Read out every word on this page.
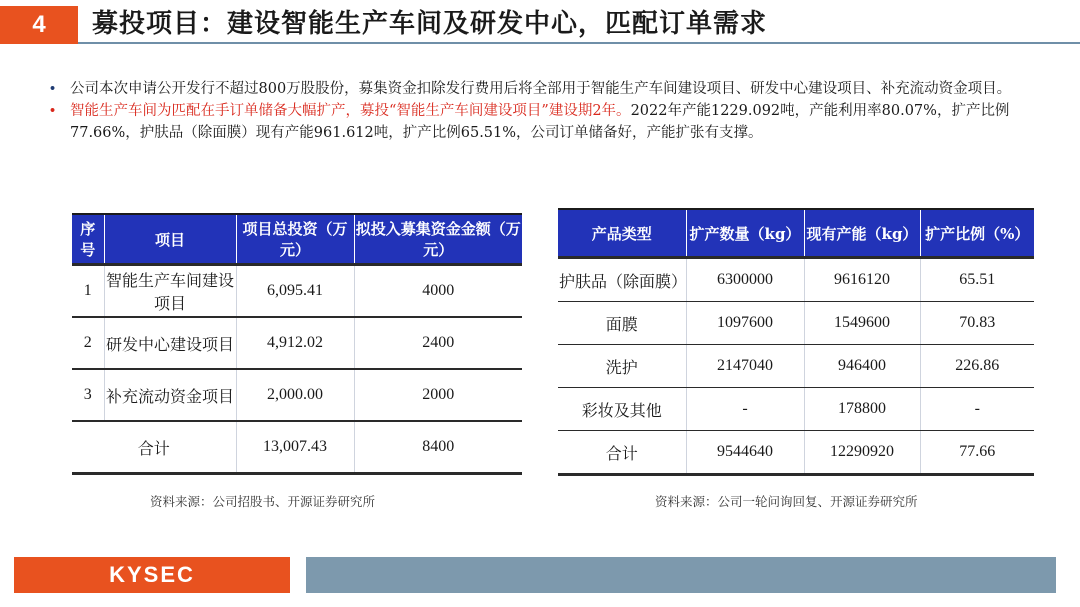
4 募投项目：建设智能生产车间及研发中心，匹配订单需求
• 公司本次申请公开发行不超过800万股股份，募集资金扣除发行费用后将全部用于智能生产车间建设项目、研发中心建设项目、补充流动资金项目。
• 智能生产车间为匹配在手订单储备大幅扩产，募投“智能生产车间建设项目”建设期2年。2022年产能1229.092吨，产能利用率80.07%，扩产比例77.66%，护肤品（除面膜）现有产能961.612吨，扩产比例65.51%，公司订单储备好，产能扩张有支撑。
序号	项目	项目总投资（万元）	拟投入募集资金金额（万元）
1	智能生产车间建设项目	6,095.41	4000
2	研发中心建设项目	4,912.02	2400
3	补充流动资金项目	2,000.00	2000
合计		13,007.43	8400
产品类型	扩产数量（kg）	现有产能（kg）	扩产比例（%）
护肤品（除面膜）	6300000	9616120	65.51
面膜	1097600	1549600	70.83
洗护	2147040	946400	226.86
彩妆及其他	-	178800	-
合计	9544640	12290920	77.66
资料来源：公司招股书、开源证券研究所	资料来源：公司一轮问询回复、开源证券研究所
KYSEC
